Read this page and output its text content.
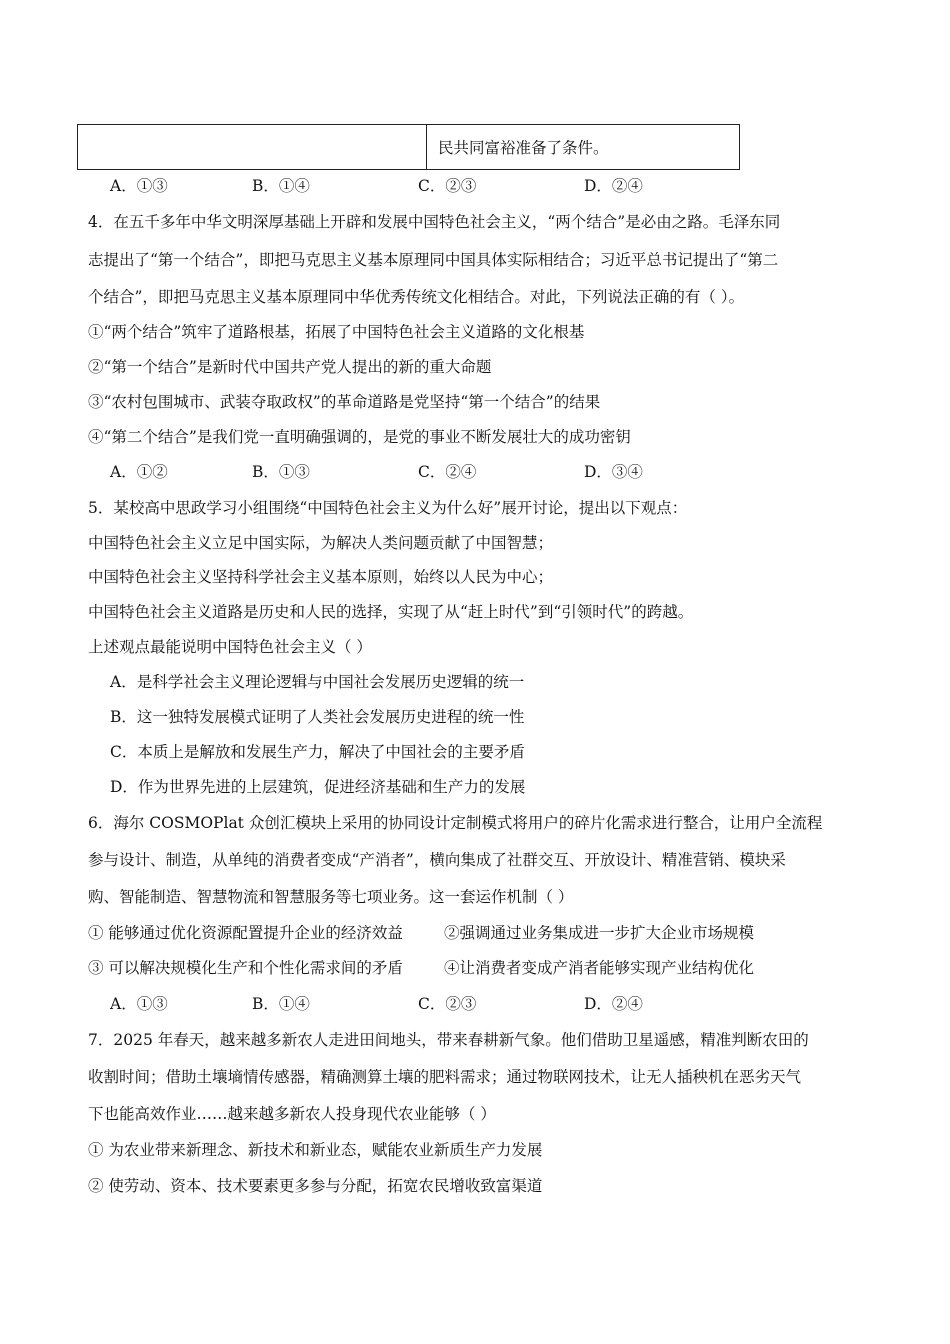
民共同富裕准备了条件。
A．①③	B．①④	C．②③	D．②④
4．在五千多年中华文明深厚基础上开辟和发展中国特色社会主义，“两个结合”是必由之路。毛泽东同
志提出了“第一个结合”，即把马克思主义基本原理同中国具体实际相结合；习近平总书记提出了“第二
个结合”，即把马克思主义基本原理同中华优秀传统文化相结合。对此，下列说法正确的有（ ）。
①“两个结合”筑牢了道路根基，拓展了中国特色社会主义道路的文化根基
②“第一个结合”是新时代中国共产党人提出的新的重大命题
③“农村包围城市、武装夺取政权”的革命道路是党坚持“第一个结合”的结果
④“第二个结合”是我们党一直明确强调的，是党的事业不断发展壮大的成功密钥
A．①②	B．①③	C．②④	D．③④
5．某校高中思政学习小组围绕“中国特色社会主义为什么好”展开讨论，提出以下观点：
中国特色社会主义立足中国实际，为解决人类问题贡献了中国智慧；
中国特色社会主义坚持科学社会主义基本原则，始终以人民为中心；
中国特色社会主义道路是历史和人民的选择，实现了从“赶上时代”到“引领时代”的跨越。
上述观点最能说明中国特色社会主义（ ）
A．是科学社会主义理论逻辑与中国社会发展历史逻辑的统一
B．这一独特发展模式证明了人类社会发展历史进程的统一性
C．本质上是解放和发展生产力，解决了中国社会的主要矛盾
D．作为世界先进的上层建筑，促进经济基础和生产力的发展
6．海尔 COSMOPlat 众创汇模块上采用的协同设计定制模式将用户的碎片化需求进行整合，让用户全流程
参与设计、制造，从单纯的消费者变成“产消者”，横向集成了社群交互、开放设计、精准营销、模块采
购、智能制造、智慧物流和智慧服务等七项业务。这一套运作机制（ ）
① 能够通过优化资源配置提升企业的经济效益	②强调通过业务集成进一步扩大企业市场规模
③ 可以解决规模化生产和个性化需求间的矛盾	④让消费者变成产消者能够实现产业结构优化
A．①③	B．①④	C．②③	D．②④
7．2025 年春天，越来越多新农人走进田间地头，带来春耕新气象。他们借助卫星遥感，精准判断农田的
收割时间；借助土壤墒情传感器，精确测算土壤的肥料需求；通过物联网技术，让无人插秧机在恶劣天气
下也能高效作业……越来越多新农人投身现代农业能够（ ）
① 为农业带来新理念、新技术和新业态，赋能农业新质生产力发展
② 使劳动、资本、技术要素更多参与分配，拓宽农民增收致富渠道
